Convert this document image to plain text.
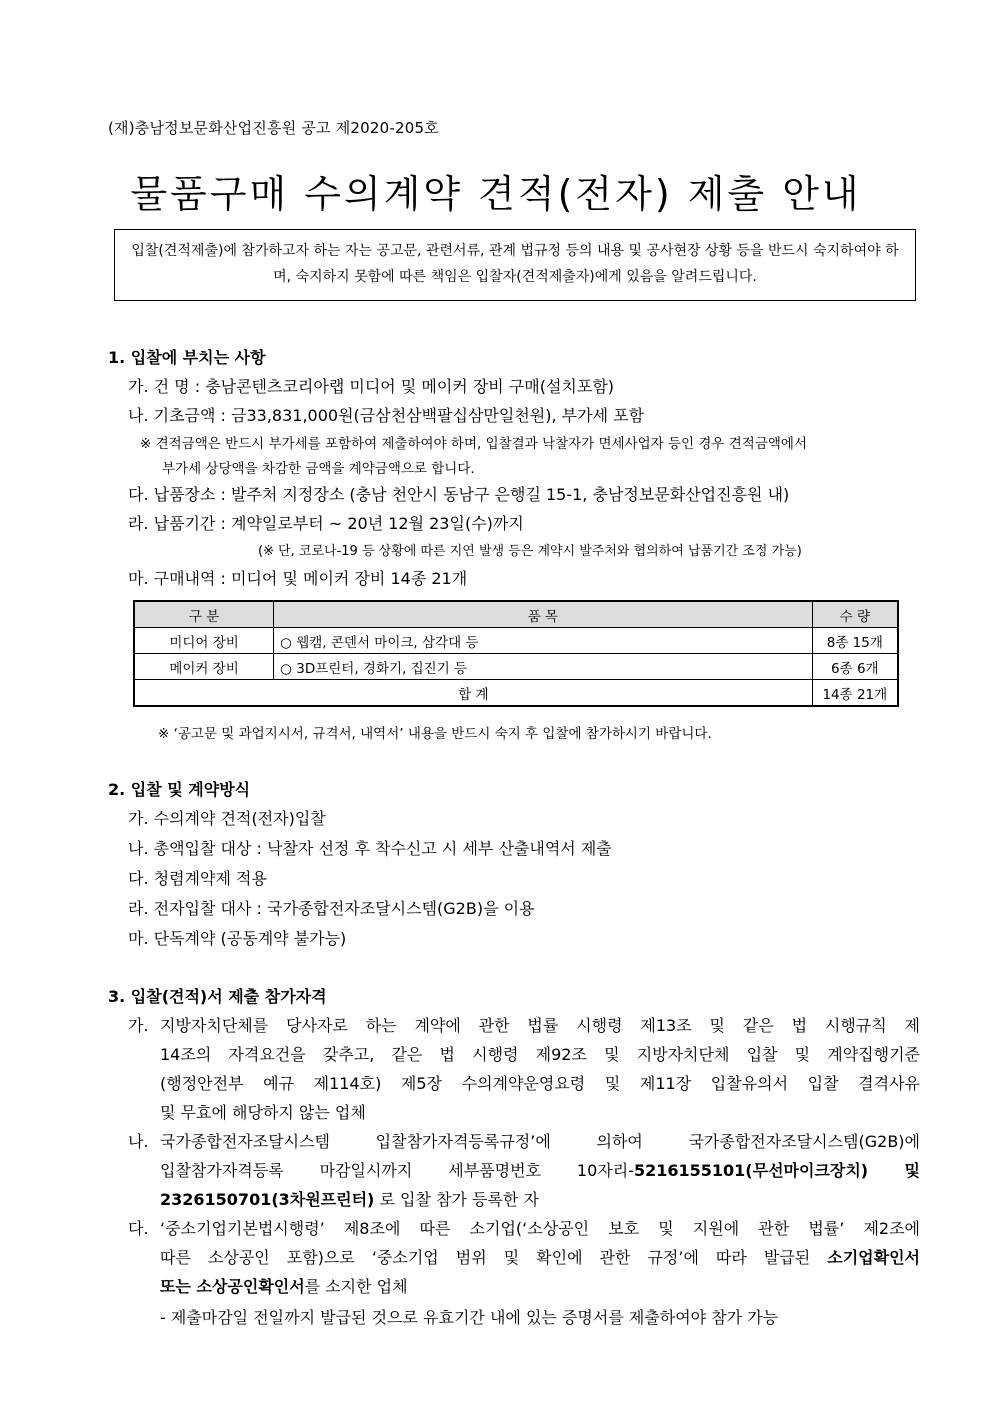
(재)충남정보문화산업진흥원 공고 제2020-205호
물품구매 수의계약 견적(전자) 제출 안내
입찰(견적제출)에 참가하고자 하는 자는 공고문, 관련서류, 관계 법규정 등의 내용 및 공사현장 상황 등을 반드시 숙지하여야 하며, 숙지하지 못함에 따른 책임은 입찰자(견적제출자)에게 있음을 알려드립니다.
1. 입찰에 부치는 사항
가. 건 명 : 충남콘텐츠코리아랩 미디어 및 메이커 장비 구매(설치포함)
나. 기초금액 : 금33,831,000원(금삼천삼백팔십삼만일천원), 부가세 포함
※ 견적금액은 반드시 부가세를 포함하여 제출하여야 하며, 입찰결과 낙찰자가 면세사업자 등인 경우 견적금액에서
부가세 상당액을 차감한 금액을 계약금액으로 합니다.
다. 납품장소 : 발주처 지정장소 (충남 천안시 동남구 은행길 15-1, 충남정보문화산업진흥원 내)
라. 납품기간 : 계약일로부터 ~ 20년 12월 23일(수)까지
(※ 단, 코로나-19 등 상황에 따른 지연 발생 등은 계약시 발주처와 협의하여 납품기간 조정 가능)
마. 구매내역 : 미디어 및 메이커 장비 14종 21개
구 분	품 목	수 량
미디어 장비	○ 웹캠, 콘덴서 마이크, 삼각대 등	8종 15개
메이커 장비	○ 3D프린터, 경화기, 집진기 등	6종 6개
합 계		14종 21개
※ ‘공고문 및 과업지시서, 규격서, 내역서’ 내용을 반드시 숙지 후 입찰에 참가하시기 바랍니다.
2. 입찰 및 계약방식
가. 수의계약 견적(전자)입찰
나. 총액입찰 대상 : 낙찰자 선정 후 착수신고 시 세부 산출내역서 제출
다. 청렴계약제 적용
라. 전자입찰 대사 : 국가종합전자조달시스템(G2B)을 이용
마. 단독계약 (공동계약 불가능)
3. 입찰(견적)서 제출 참가자격
가. 지방자치단체를 당사자로 하는 계약에 관한 법률 시행령 제13조 및 같은 법 시행규칙 제
14조의 자격요건을 갖추고, 같은 법 시행령 제92조 및 지방자치단체 입찰 및 계약집행기준
(행정안전부 예규 제114호) 제5장 수의계약운영요령 및 제11장 입찰유의서 입찰 결격사유
및 무효에 해당하지 않는 업체
나. 국가종합전자조달시스템 입찰참가자격등록규정’에 의하여 국가종합전자조달시스템(G2B)에
입찰참가자격등록 마감일시까지 세부품명번호 10자리-5216155101(무선마이크장치) 및
2326150701(3차원프린터) 로 입찰 참가 등록한 자
다. ‘중소기업기본법시행령’ 제8조에 따른 소기업(‘소상공인 보호 및 지원에 관한 법률’ 제2조에
따른 소상공인 포함)으로 ‘중소기업 범위 및 확인에 관한 규정’에 따라 발급된 소기업확인서
또는 소상공인확인서를 소지한 업체
- 제출마감일 전일까지 발급된 것으로 유효기간 내에 있는 증명서를 제출하여야 참가 가능
